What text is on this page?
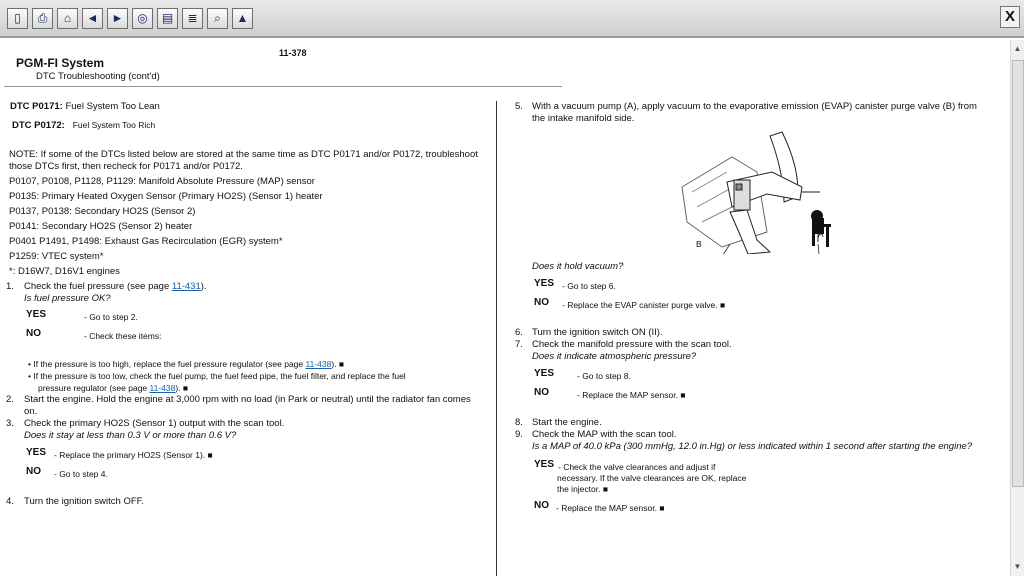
▯	⎙	⌂	◄	►	◎	▤	≣	⌕	▲	X
11-378
PGM-FI System
DTC Troubleshooting (cont'd)
DTC P0171: Fuel System Too Lean
DTC P0172: Fuel System Too Rich
NOTE: If some of the DTCs listed below are stored at the same time as DTC P0171 and/or P0172, troubleshoot
those DTCs first, then recheck for P0171 and/or P0172.
P0107, P0108, P1128, P1129: Manifold Absolute Pressure (MAP) sensor
P0135: Primary Heated Oxygen Sensor (Primary HO2S) (Sensor 1) heater
P0137, P0138: Secondary HO2S (Sensor 2)
P0141: Secondary HO2S (Sensor 2) heater
P0401 P1491, P1498: Exhaust Gas Recirculation (EGR) system*
P1259: VTEC system*
*: D16W7, D16V1 engines
1. Check the fuel pressure (see page 11-431).
Is fuel pressure OK?
YES	- Go to step 2.
NO	- Check these items:
• If the pressure is too high, replace the fuel pressure regulator (see page 11-438). ■
• If the pressure is too low, check the fuel pump, the fuel feed pipe, the fuel filter, and replace the fuel
pressure regulator (see page 11-438). ■
2. Start the engine. Hold the engine at 3,000 rpm with no load (in Park or neutral) until the radiator fan comes
on.
3. Check the primary HO2S (Sensor 1) output with the scan tool.
Does it stay at less than 0.3 V or more than 0.6 V?
YES - Replace the primary HO2S (Sensor 1). ■
NO - Go to step 4.
4. Turn the ignition switch OFF.
5. With a vacuum pump (A), apply vacuum to the evaporative emission (EVAP) canister purge valve (B) from
the intake manifold side.
B
A
Does it hold vacuum?
YES - Go to step 6.
NO - Replace the EVAP canister purge valve. ■
6. Turn the ignition switch ON (II).
7. Check the manifold pressure with the scan tool.
Does it indicate atmospheric pressure?
YES	- Go to step 8.
NO	- Replace the MAP sensor. ■
8. Start the engine.
9. Check the MAP with the scan tool.
Is a MAP of 40.0 kPa (300 mmHg, 12.0 in.Hg) or less indicated within 1 second after starting the engine?
YES - Check the valve clearances and adjust if
necessary. If the valve clearances are OK, replace
the injector. ■
NO - Replace the MAP sensor. ■
▲
▼
